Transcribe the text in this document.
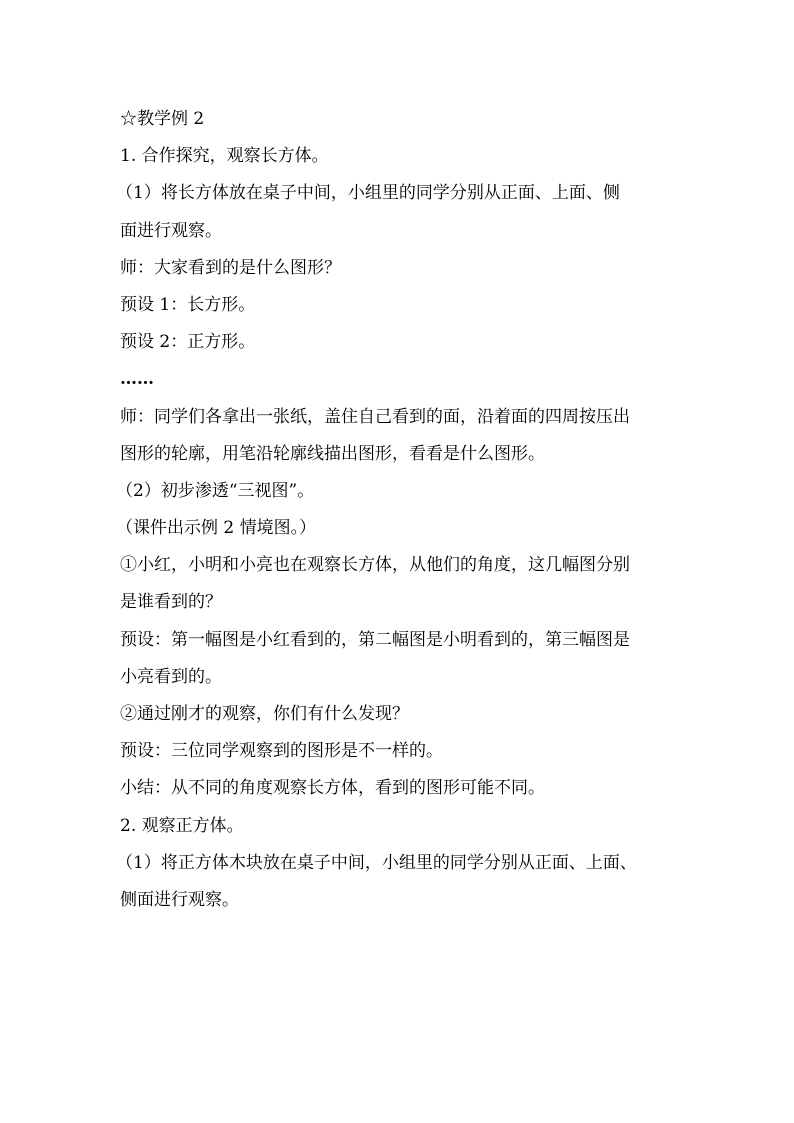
☆教学例 2
1. 合作探究，观察长方体。
（1）将长方体放在桌子中间，小组里的同学分别从正面、上面、侧
面进行观察。
师：大家看到的是什么图形？
预设 1：长方形。
预设 2：正方形。
……
师：同学们各拿出一张纸，盖住自己看到的面，沿着面的四周按压出
图形的轮廓，用笔沿轮廓线描出图形，看看是什么图形。
（2）初步渗透“三视图”。
（课件出示例 2 情境图。）
①小红，小明和小亮也在观察长方体，从他们的角度，这几幅图分别
是谁看到的？
预设：第一幅图是小红看到的，第二幅图是小明看到的，第三幅图是
小亮看到的。
②通过刚才的观察，你们有什么发现？
预设：三位同学观察到的图形是不一样的。
小结：从不同的角度观察长方体，看到的图形可能不同。
2. 观察正方体。
（1）将正方体木块放在桌子中间，小组里的同学分别从正面、上面、
侧面进行观察。
